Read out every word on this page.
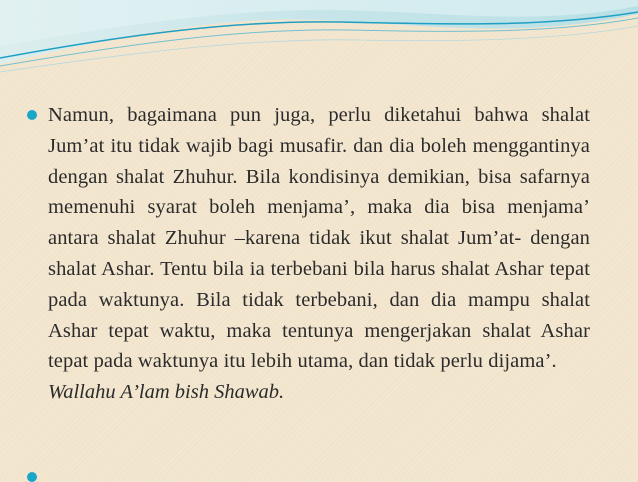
Namun, bagaimana pun juga, perlu diketahui bahwa shalat Jum’at itu tidak wajib bagi musafir. dan dia boleh menggantinya dengan shalat Zhuhur. Bila kondisinya demikian, bisa safarnya memenuhi syarat boleh menjama’, maka dia bisa menjama’ antara shalat Zhuhur –karena tidak ikut shalat Jum’at- dengan shalat Ashar. Tentu bila ia terbebani bila harus shalat Ashar tepat pada waktunya. Bila tidak terbebani, dan dia mampu shalat Ashar tepat waktu, maka tentunya mengerjakan shalat Ashar tepat pada waktunya itu lebih utama, dan tidak perlu dijama’.
Wallahu A’lam bish Shawab.
